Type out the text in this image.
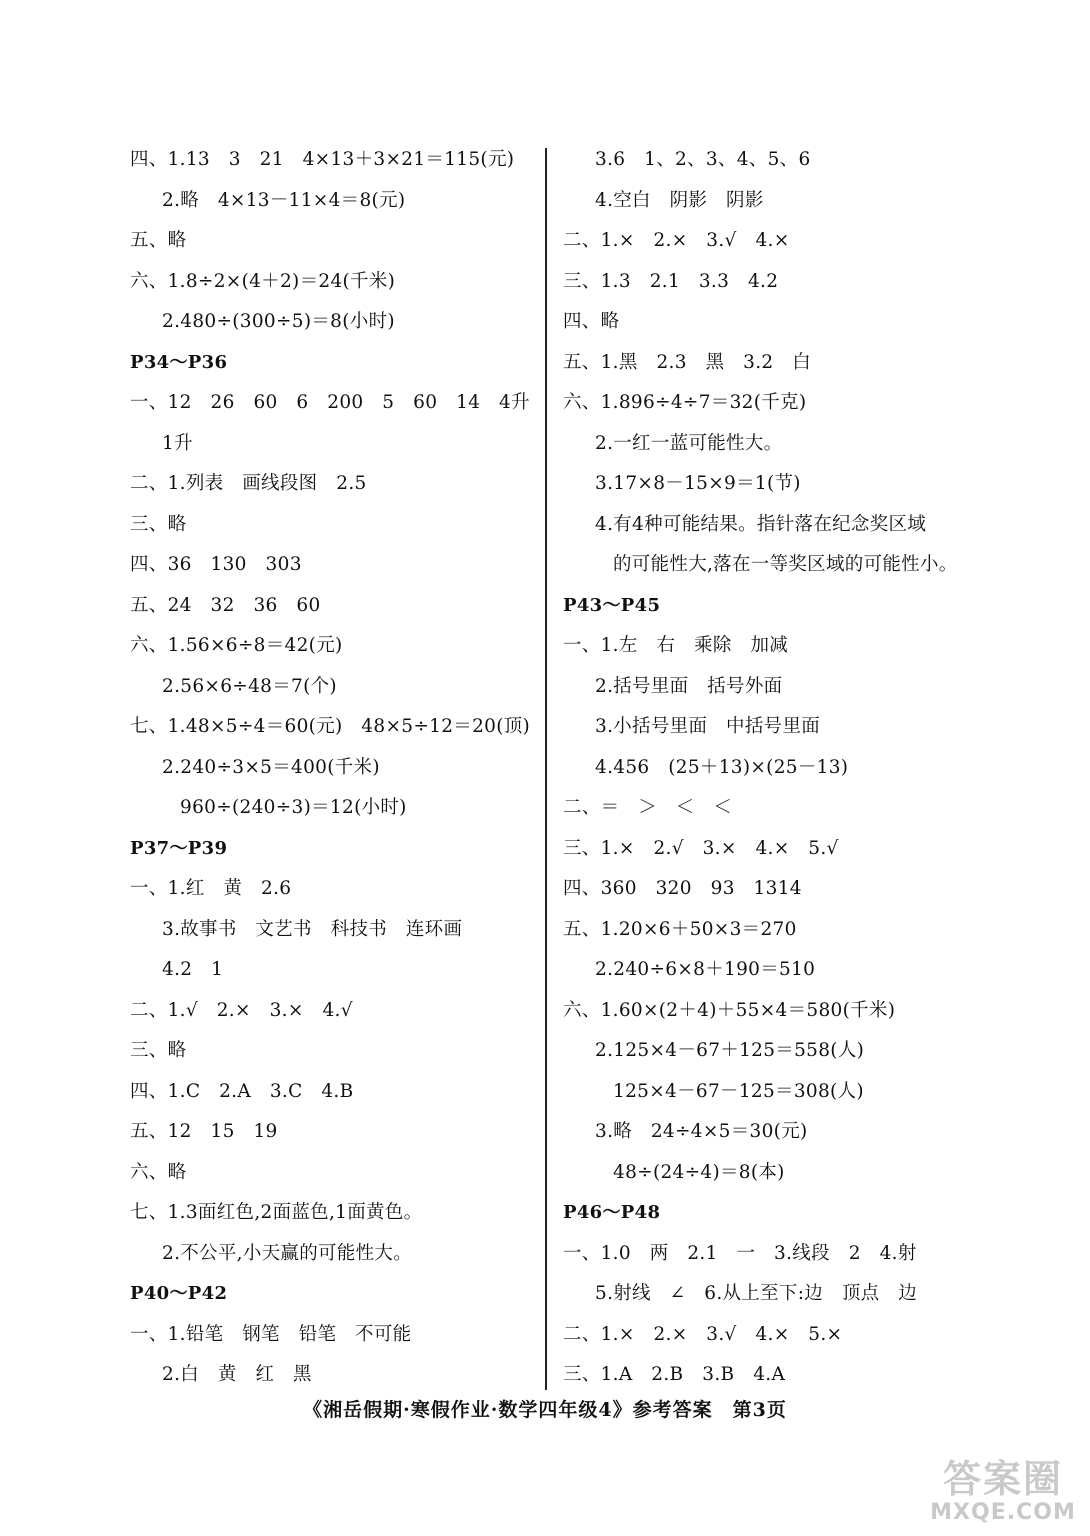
四、1.13　3　21　4×13＋3×21＝115(元)
2.略　4×13－11×4＝8(元)
五、略
六、1.8÷2×(4＋2)＝24(千米)
2.480÷(300÷5)＝8(小时)
P34～P36
一、12　26　60　6　200　5　60　14　4升
1升
二、1.列表　画线段图　2.5
三、略
四、36　130　303
五、24　32　36　60
六、1.56×6÷8＝42(元)
2.56×6÷48＝7(个)
七、1.48×5÷4＝60(元)　48×5÷12＝20(顶)
2.240÷3×5＝400(千米)
960÷(240÷3)＝12(小时)
P37～P39
一、1.红　黄　2.6
3.故事书　文艺书　科技书　连环画
4.2　1
二、1.√　2.×　3.×　4.√
三、略
四、1.C　2.A　3.C　4.B
五、12　15　19
六、略
七、1.3面红色,2面蓝色,1面黄色。
2.不公平,小天赢的可能性大。
P40～P42
一、1.铅笔　钢笔　铅笔　不可能
2.白　黄　红　黑
3.6　1、2、3、4、5、6
4.空白　阴影　阴影
二、1.×　2.×　3.√　4.×
三、1.3　2.1　3.3　4.2
四、略
五、1.黑　2.3　黑　3.2　白
六、1.896÷4÷7＝32(千克)
2.一红一蓝可能性大。
3.17×8－15×9＝1(节)
4.有4种可能结果。指针落在纪念奖区域
的可能性大,落在一等奖区域的可能性小。
P43～P45
一、1.左　右　乘除　加减
2.括号里面　括号外面
3.小括号里面　中括号里面
4.456　(25＋13)×(25－13)
二、＝　＞　＜　＜
三、1.×　2.√　3.×　4.×　5.√
四、360　320　93　1314
五、1.20×6＋50×3＝270
2.240÷6×8＋190＝510
六、1.60×(2＋4)＋55×4＝580(千米)
2.125×4－67＋125＝558(人)
125×4－67－125＝308(人)
3.略　24÷4×5＝30(元)
48÷(24÷4)＝8(本)
P46～P48
一、1.0　两　2.1　一　3.线段　2　4.射
5.射线　∠　6.从上至下:边　顶点　边
二、1.×　2.×　3.√　4.×　5.×
三、1.A　2.B　3.B　4.A
《湘岳假期·寒假作业·数学四年级4》参考答案　第3页
答案圈
MXQE.COM
